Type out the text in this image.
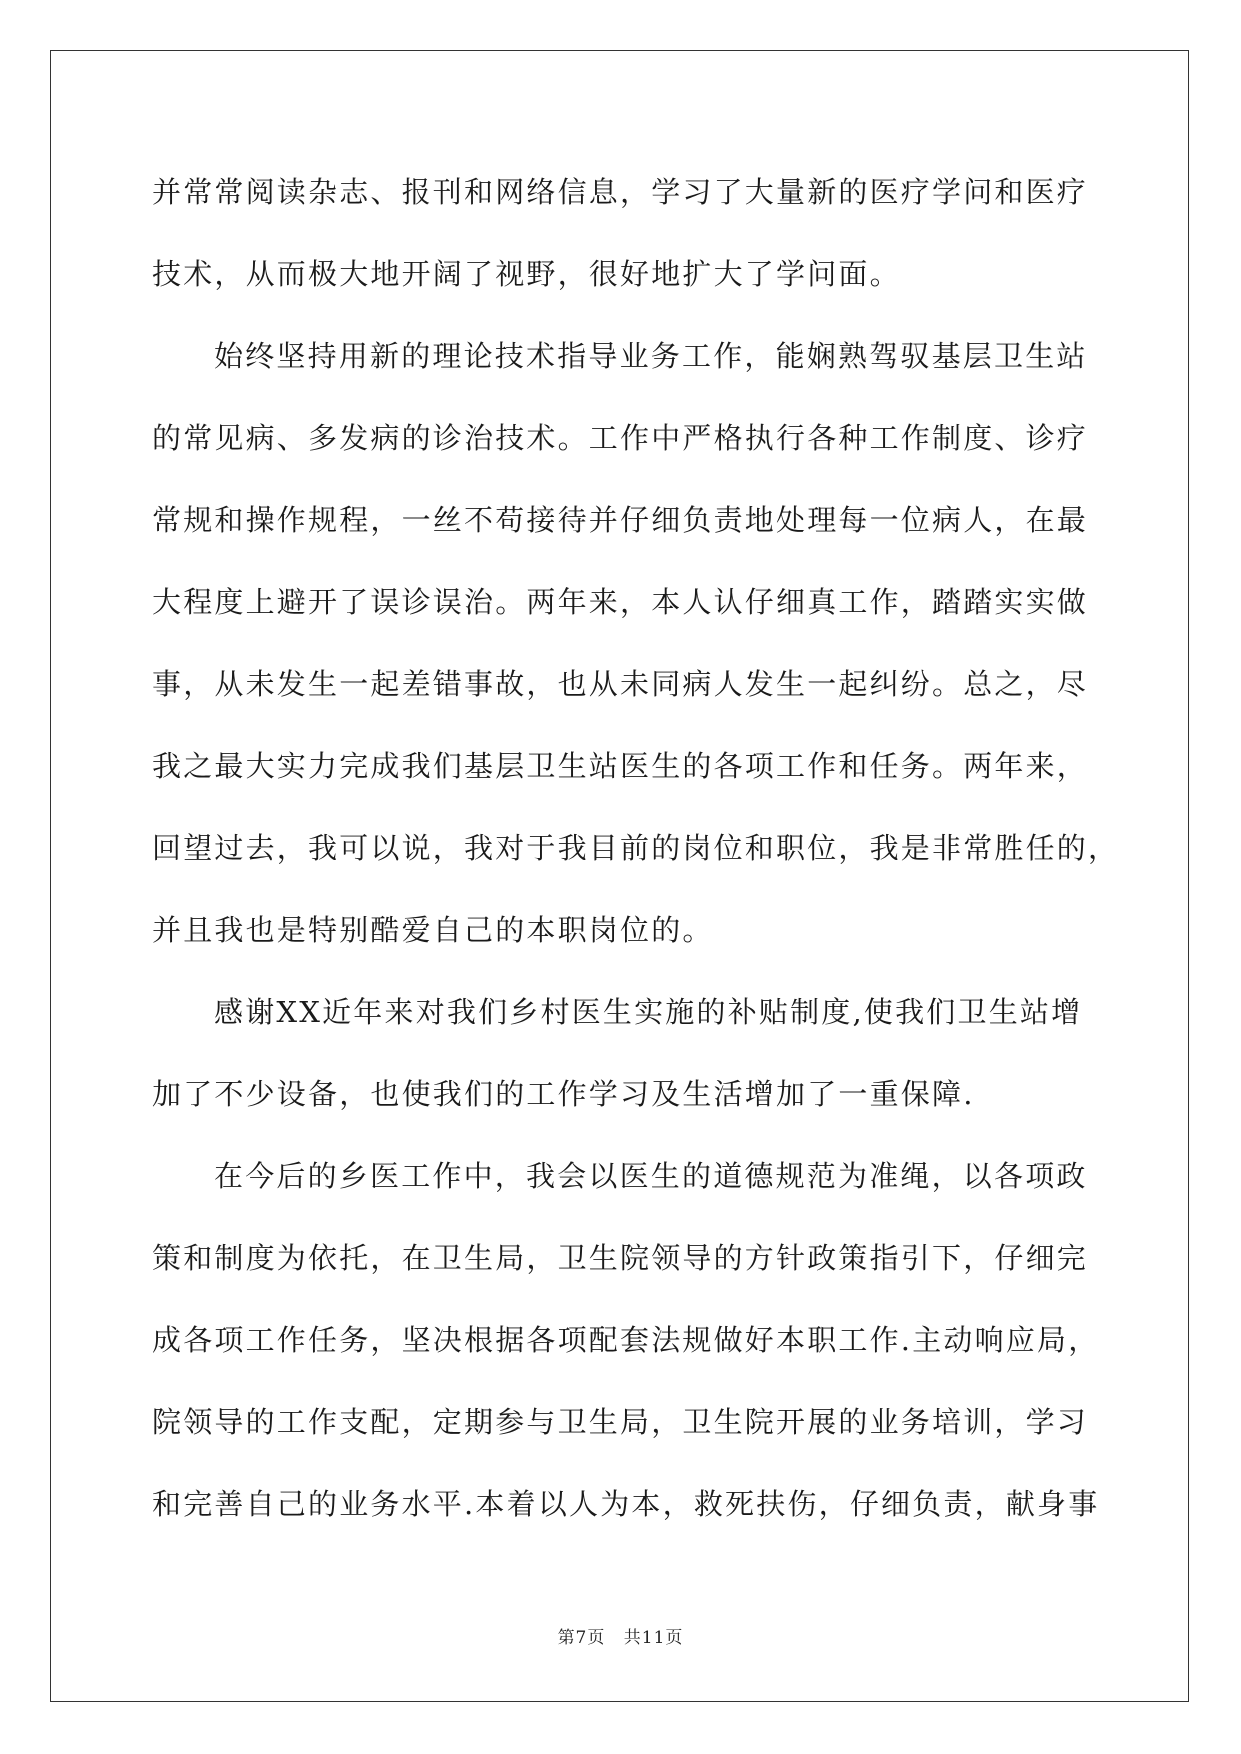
并常常阅读杂志、报刊和网络信息，学习了大量新的医疗学问和医疗
技术，从而极大地开阔了视野，很好地扩大了学问面。
始终坚持用新的理论技术指导业务工作，能娴熟驾驭基层卫生站
的常见病、多发病的诊治技术。工作中严格执行各种工作制度、诊疗
常规和操作规程，一丝不苟接待并仔细负责地处理每一位病人，在最
大程度上避开了误诊误治。两年来，本人认仔细真工作，踏踏实实做
事，从未发生一起差错事故，也从未同病人发生一起纠纷。总之，尽
我之最大实力完成我们基层卫生站医生的各项工作和任务。两年来，
回望过去，我可以说，我对于我目前的岗位和职位，我是非常胜任的，
并且我也是特别酷爱自己的本职岗位的。
感谢XX近年来对我们乡村医生实施的补贴制度,使我们卫生站增
加了不少设备，也使我们的工作学习及生活增加了一重保障.
在今后的乡医工作中，我会以医生的道德规范为准绳，以各项政
策和制度为依托，在卫生局，卫生院领导的方针政策指引下，仔细完
成各项工作任务，坚决根据各项配套法规做好本职工作.主动响应局，
院领导的工作支配，定期参与卫生局，卫生院开展的业务培训，学习
和完善自己的业务水平.本着以人为本，救死扶伤，仔细负责，献身事
第7页 共11页
